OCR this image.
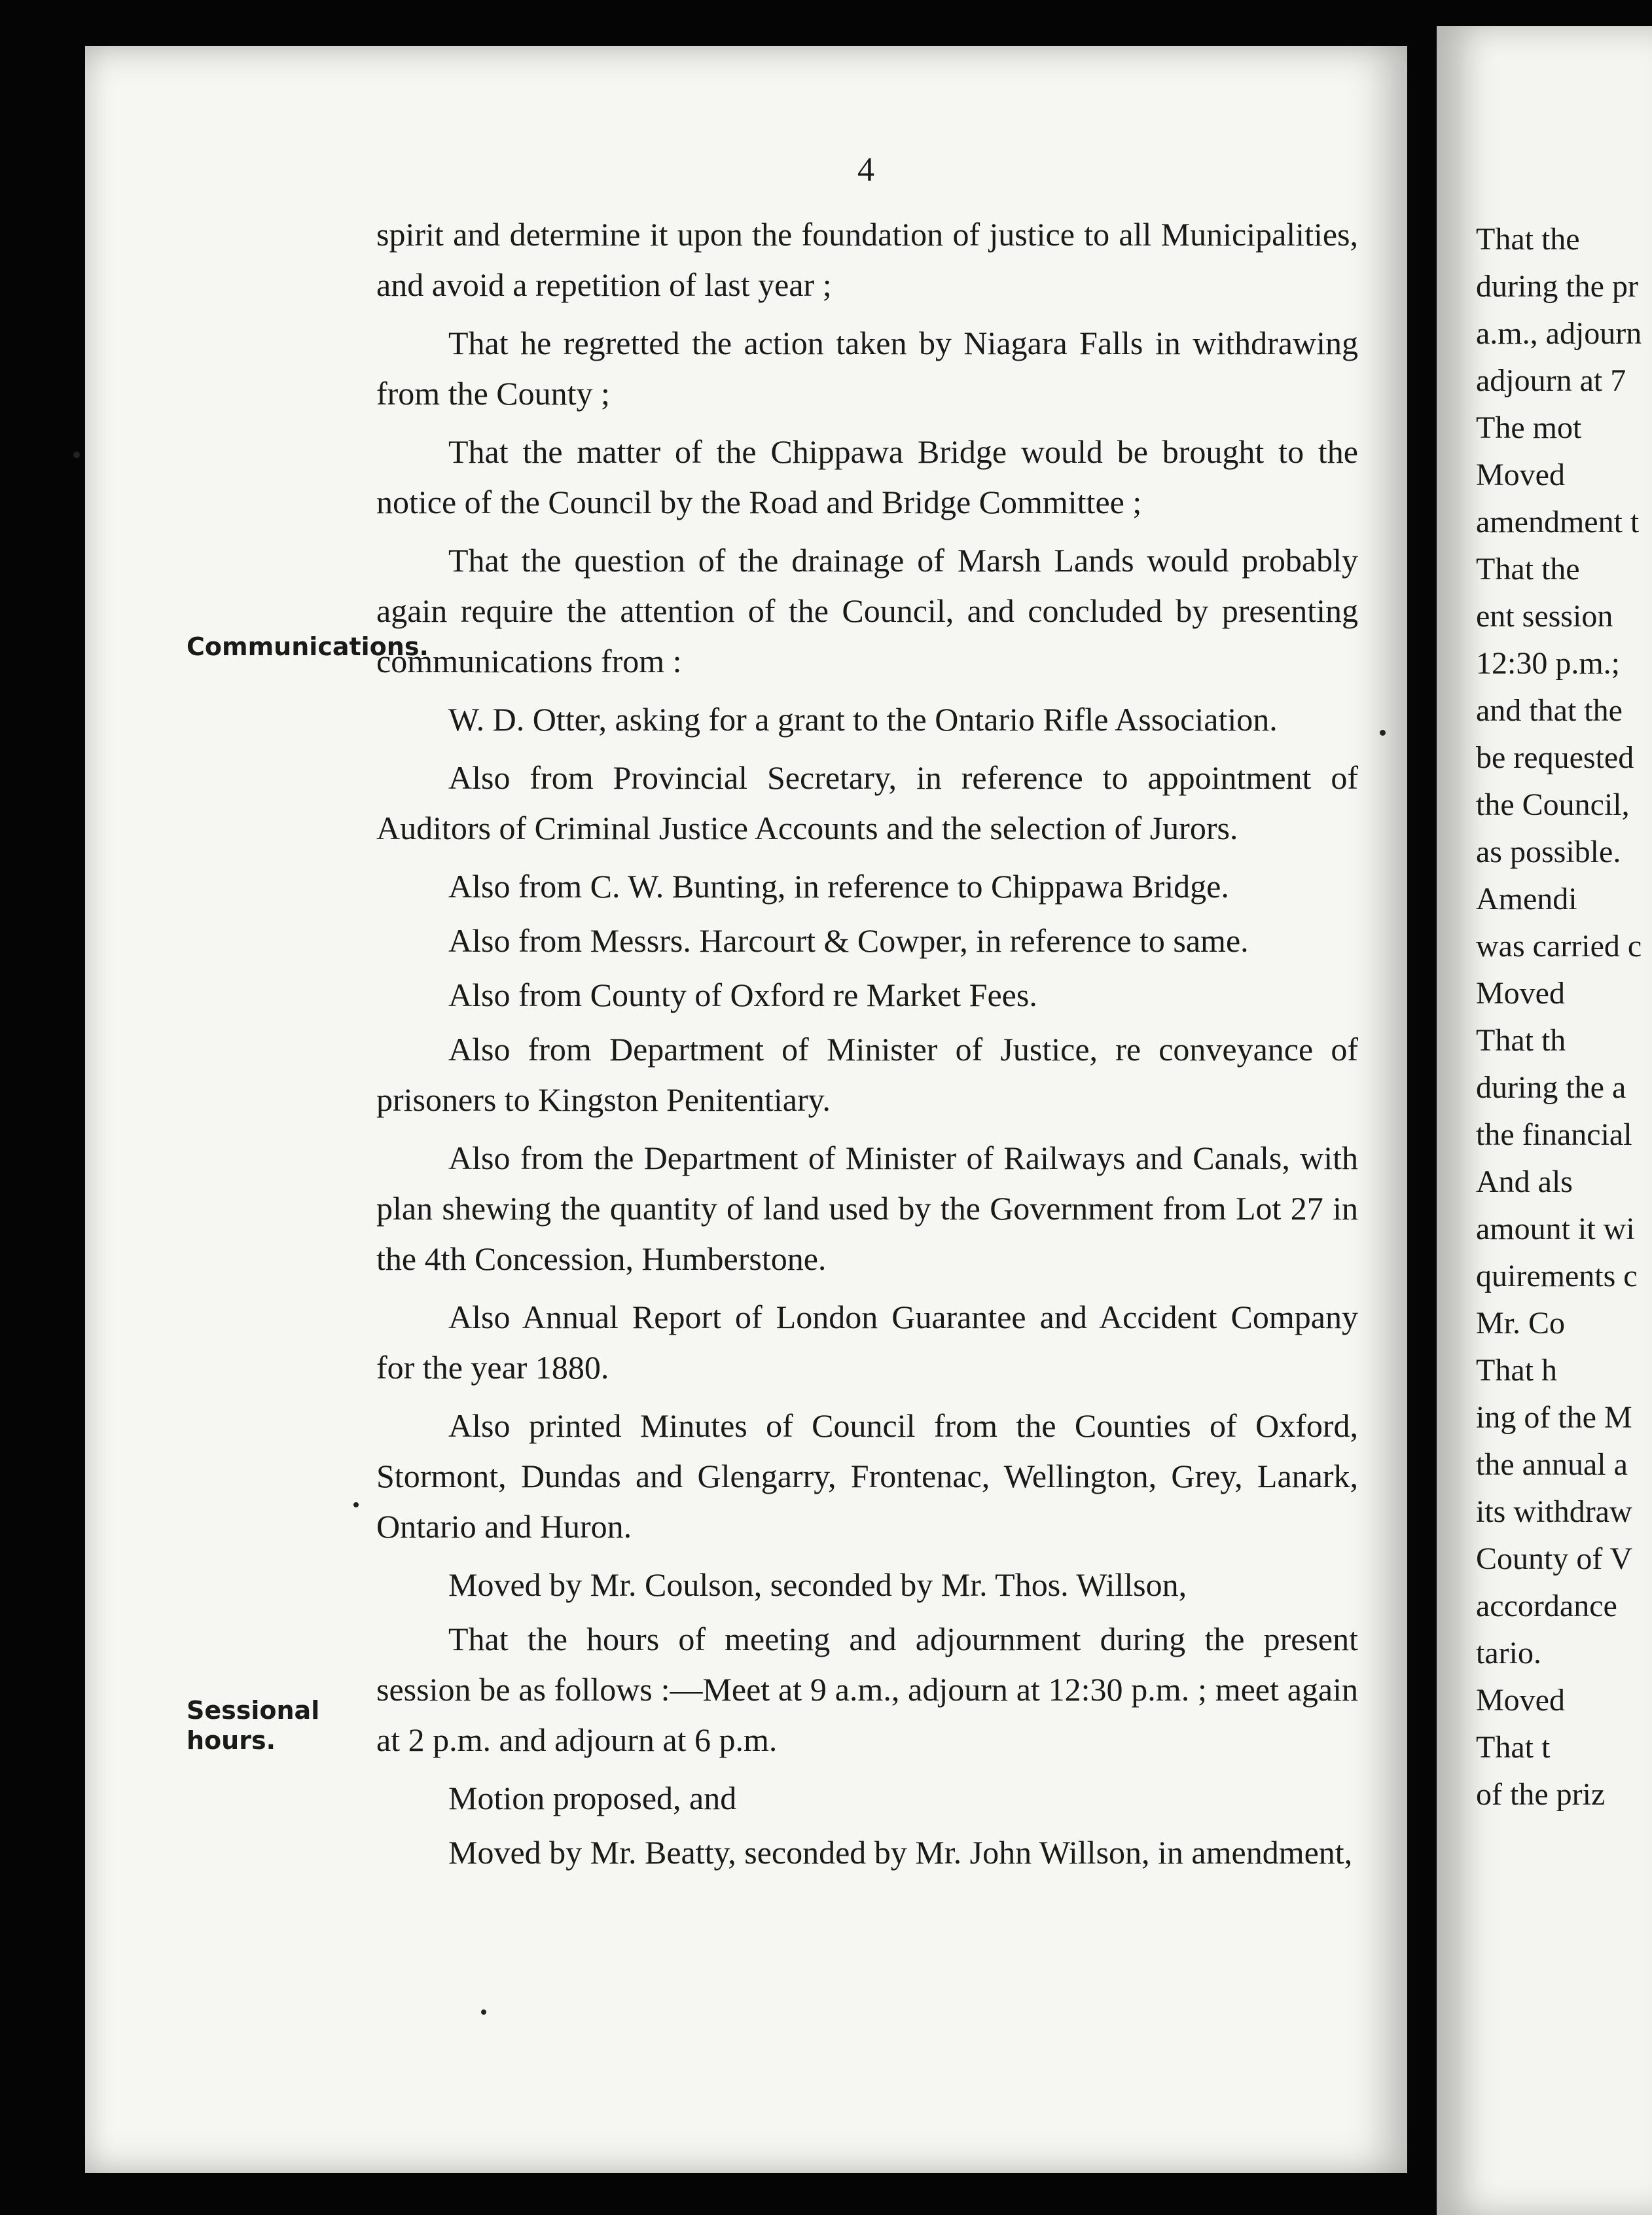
4
Communications.
Sessional hours.

spirit and determine it upon the foundation of justice to all Municipalities, and avoid a repetition of last year ;

That he regretted the action taken by Niagara Falls in withdrawing from the County ;

That the matter of the Chippawa Bridge would be brought to the notice of the Council by the Road and Bridge Committee ;

That the question of the drainage of Marsh Lands would probably again require the attention of the Council, and concluded by presenting communications from :

W. D. Otter, asking for a grant to the Ontario Rifle Association.

Also from Provincial Secretary, in reference to appointment of Auditors of Criminal Justice Accounts and the selection of Jurors.

Also from C. W. Bunting, in reference to Chippawa Bridge.

Also from Messrs. Harcourt & Cowper, in reference to same.

Also from County of Oxford re Market Fees.

Also from Department of Minister of Justice, re conveyance of prisoners to Kingston Penitentiary.

Also from the Department of Minister of Railways and Canals, with plan shewing the quantity of land used by the Government from Lot 27 in the 4th Concession, Humberstone.

Also Annual Report of London Guarantee and Accident Company for the year 1880.

Also printed Minutes of Council from the Counties of Oxford, Stormont, Dundas and Glengarry, Frontenac, Wellington, Grey, Lanark, Ontario and Huron.

Moved by Mr. Coulson, seconded by Mr. Thos. Willson,

That the hours of meeting and adjournment during the present session be as follows :—Meet at 9 a.m., adjourn at 12:30 p.m. ; meet again at 2 p.m. and adjourn at 6 p.m.

Motion proposed, and

Moved by Mr. Beatty, seconded by Mr. John Willson, in amendment,

That the
during the pr
a.m., adjourn
adjourn at 7
The mot
Moved
amendment t
That the
ent session
12:30 p.m.;
and that the
be requested
the Council,
as possible.
Amendi
was carried c
Moved
That th
during the a
the financial
And als
amount it wi
quirements c
Mr. Co
That h
ing of the M
the annual a
its withdraw
County of V
accordance
tario.
Moved
That t
of the priz
